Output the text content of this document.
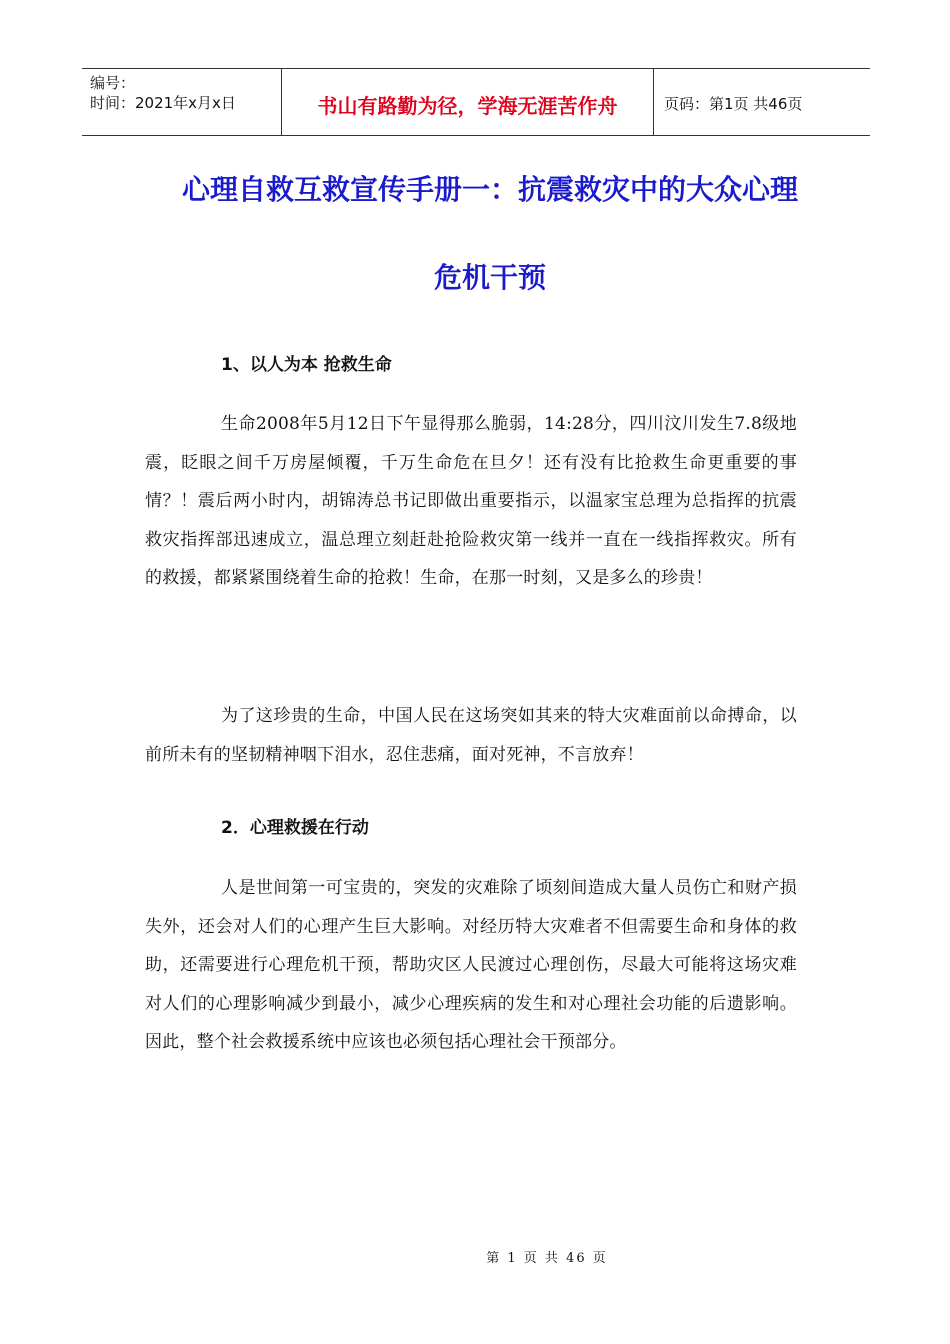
编号：
时间：2021年x月x日	书山有路勤为径，学海无涯苦作舟	页码：第1页 共46页
心理自救互救宣传手册一：抗震救灾中的大众心理
危机干预
1、以人为本 抢救生命

生命2008年5月12日下午显得那么脆弱，14:28分，四川汶川发生7.8级地震，眨眼之间千万房屋倾覆，千万生命危在旦夕！还有没有比抢救生命更重要的事情？！震后两小时内，胡锦涛总书记即做出重要指示，以温家宝总理为总指挥的抗震救灾指挥部迅速成立，温总理立刻赶赴抢险救灾第一线并一直在一线指挥救灾。所有的救援，都紧紧围绕着生命的抢救！生命，在那一时刻，又是多么的珍贵！

为了这珍贵的生命，中国人民在这场突如其来的特大灾难面前以命搏命，以前所未有的坚韧精神咽下泪水，忍住悲痛，面对死神，不言放弃！

2．心理救援在行动

人是世间第一可宝贵的，突发的灾难除了顷刻间造成大量人员伤亡和财产损失外，还会对人们的心理产生巨大影响。对经历特大灾难者不但需要生命和身体的救助，还需要进行心理危机干预，帮助灾区人民渡过心理创伤，尽最大可能将这场灾难对人们的心理影响减少到最小，减少心理疾病的发生和对心理社会功能的后遗影响。因此，整个社会救援系统中应该也必须包括心理社会干预部分。

第 1 页 共 46 页
